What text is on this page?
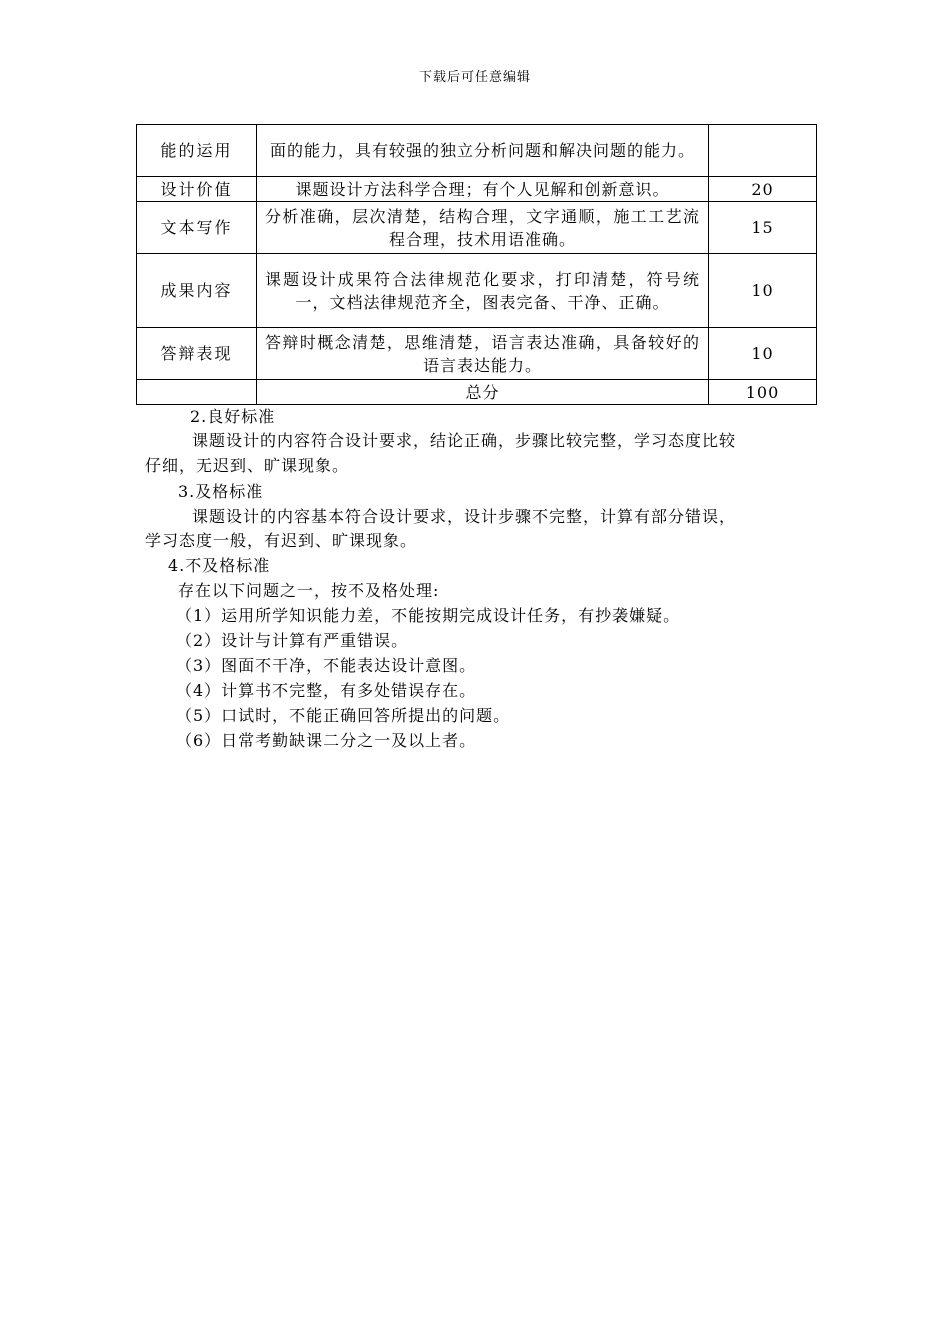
下载后可任意编辑
能的运用	面的能力，具有较强的独立分析问题和解决问题的能力。	
设计价值	课题设计方法科学合理；有个人见解和创新意识。	20
文本写作	分析准确，层次清楚，结构合理，文字通顺，施工工艺流程合理，技术用语准确。	15
成果内容	课题设计成果符合法律规范化要求，打印清楚，符号统一，文档法律规范齐全，图表完备、干净、正确。	10
答辩表现	答辩时概念清楚，思维清楚，语言表达准确，具备较好的语言表达能力。	10
	总分	100
2.良好标准
课题设计的内容符合设计要求，结论正确，步骤比较完整，学习态度比较
仔细，无迟到、旷课现象。
3.及格标准
课题设计的内容基本符合设计要求，设计步骤不完整，计算有部分错误，
学习态度一般，有迟到、旷课现象。
4.不及格标准
存在以下问题之一，按不及格处理:
（1）运用所学知识能力差，不能按期完成设计任务，有抄袭嫌疑。
（2）设计与计算有严重错误。
（3）图面不干净，不能表达设计意图。
（4）计算书不完整，有多处错误存在。
（5）口试时，不能正确回答所提出的问题。
（6）日常考勤缺课二分之一及以上者。
